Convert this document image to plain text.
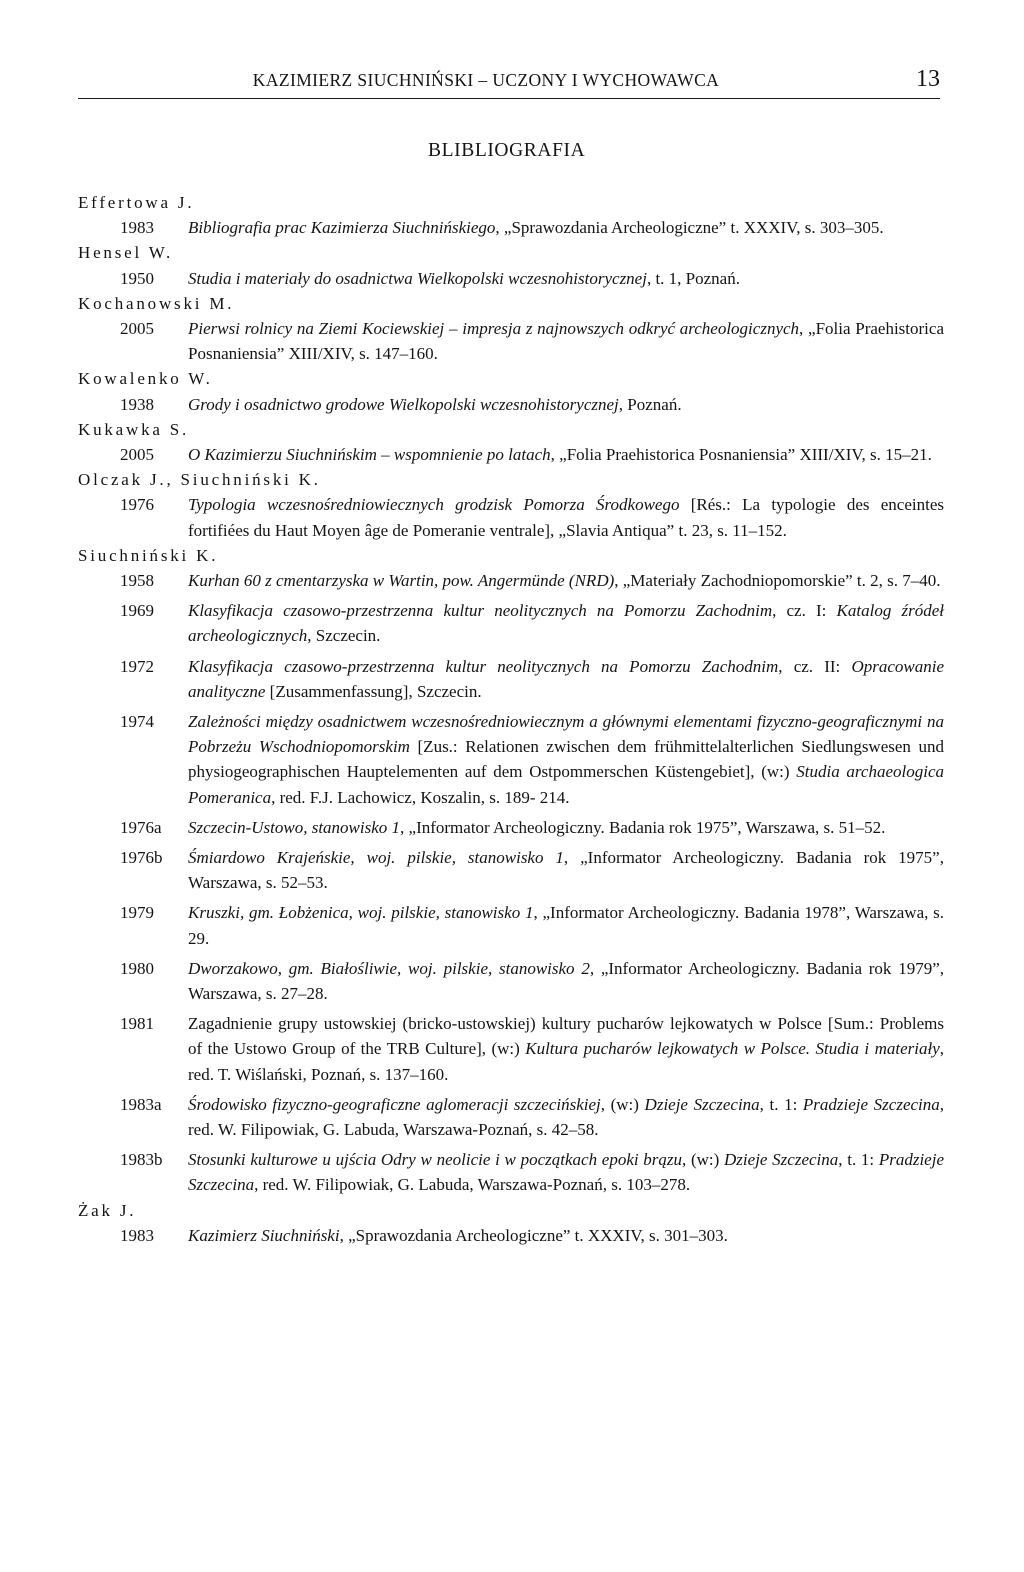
KAZIMIERZ SIUCHNIŃSKI – UCZONY I WYCHOWAWCA	13
BLIBLIOGRAFIA
Effertowa J.
1983	Bibliografia prac Kazimierza Siuchnińskiego, „Sprawozdania Archeologiczne” t. XXXIV, s. 303–305.
Hensel W.
1950	Studia i materiały do osadnictwa Wielkopolski wczesnohistorycznej, t. 1, Poznań.
Kochanowski M.
2005	Pierwsi rolnicy na Ziemi Kociewskiej – impresja z najnowszych odkryć archeologicznych, „Folia Praehistorica Posnaniensia” XIII/XIV, s. 147–160.
Kowalenko W.
1938	Grody i osadnictwo grodowe Wielkopolski wczesnohistorycznej, Poznań.
Kukawka S.
2005	O Kazimierzu Siuchnińskim – wspomnienie po latach, „Folia Praehistorica Posnaniensia” XIII/XIV, s. 15–21.
Olczak J., Siuchniński K.
1976	Typologia wczesnośredniowiecznych grodzisk Pomorza Środkowego [Rés.: La typologie des enceintes fortifiées du Haut Moyen âge de Pomeranie ventrale], „Slavia Antiqua” t. 23, s. 11–152.
Siuchniński K.
1958	Kurhan 60 z cmentarzyska w Wartin, pow. Angermünde (NRD), „Materiały Zachodniopomorskie” t. 2, s. 7–40.
1969	Klasyfikacja czasowo-przestrzenna kultur neolitycznych na Pomorzu Zachodnim, cz. I: Katalog źródeł archeologicznych, Szczecin.
1972	Klasyfikacja czasowo-przestrzenna kultur neolitycznych na Pomorzu Zachodnim, cz. II: Opracowanie analityczne [Zusammenfassung], Szczecin.
1974	Zależności między osadnictwem wczesnośredniowiecznym a głównymi elementami fizyczno-geograficznymi na Pobrzeżu Wschodniopomorskim [Zus.: Relationen zwischen dem frühmittelalterlichen Siedlungswesen und physiogeographischen Hauptelementen auf dem Ostpommerschen Küstengebiet], (w:) Studia archaeologica Pomeranica, red. F.J. Lachowicz, Koszalin, s. 189- 214.
1976a	Szczecin-Ustowo, stanowisko 1, „Informator Archeologiczny. Badania rok 1975”, Warszawa, s. 51–52.
1976b	Śmiardowo Krajeńskie, woj. pilskie, stanowisko 1, „Informator Archeologiczny. Badania rok 1975”, Warszawa, s. 52–53.
1979	Kruszki, gm. Łobżenica, woj. pilskie, stanowisko 1, „Informator Archeologiczny. Badania 1978”, Warszawa, s. 29.
1980	Dworzakowo, gm. Białośliwie, woj. pilskie, stanowisko 2, „Informator Archeologiczny. Badania rok 1979”, Warszawa, s. 27–28.
1981	Zagadnienie grupy ustowskiej (bricko-ustowskiej) kultury pucharów lejkowatych w Polsce [Sum.: Problems of the Ustowo Group of the TRB Culture], (w:) Kultura pucharów lejkowatych w Polsce. Studia i materiały, red. T. Wiślański, Poznań, s. 137–160.
1983a	Środowisko fizyczno-geograficzne aglomeracji szczecińskiej, (w:) Dzieje Szczecina, t. 1: Pradzieje Szczecina, red. W. Filipowiak, G. Labuda, Warszawa-Poznań, s. 42–58.
1983b	Stosunki kulturowe u ujścia Odry w neolicie i w początkach epoki brązu, (w:) Dzieje Szczecina, t. 1: Pradzieje Szczecina, red. W. Filipowiak, G. Labuda, Warszawa-Poznań, s. 103–278.
Żak J.
1983	Kazimierz Siuchniński, „Sprawozdania Archeologiczne” t. XXXIV, s. 301–303.
